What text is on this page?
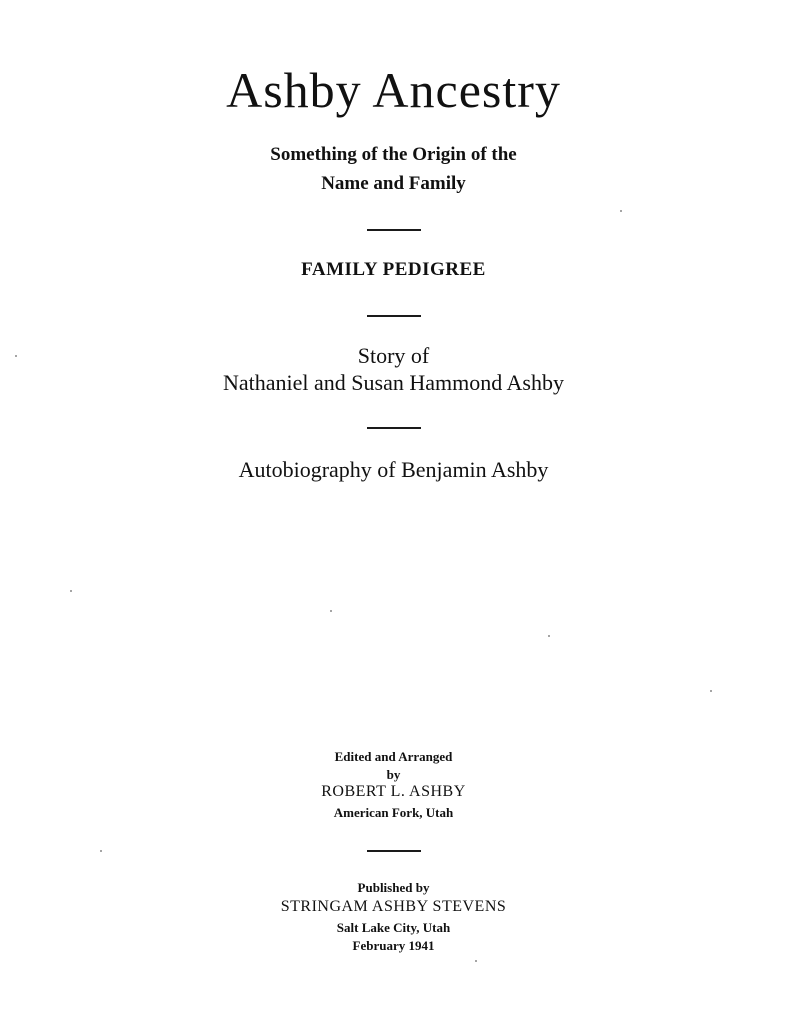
Ashby Ancestry
Something of the Origin of the
Name and Family
FAMILY PEDIGREE
Story of
Nathaniel and Susan Hammond Ashby
Autobiography of Benjamin Ashby
Edited and Arranged
by
ROBERT L. ASHBY
American Fork, Utah
Published by
STRINGAM ASHBY STEVENS
Salt Lake City, Utah
February 1941
